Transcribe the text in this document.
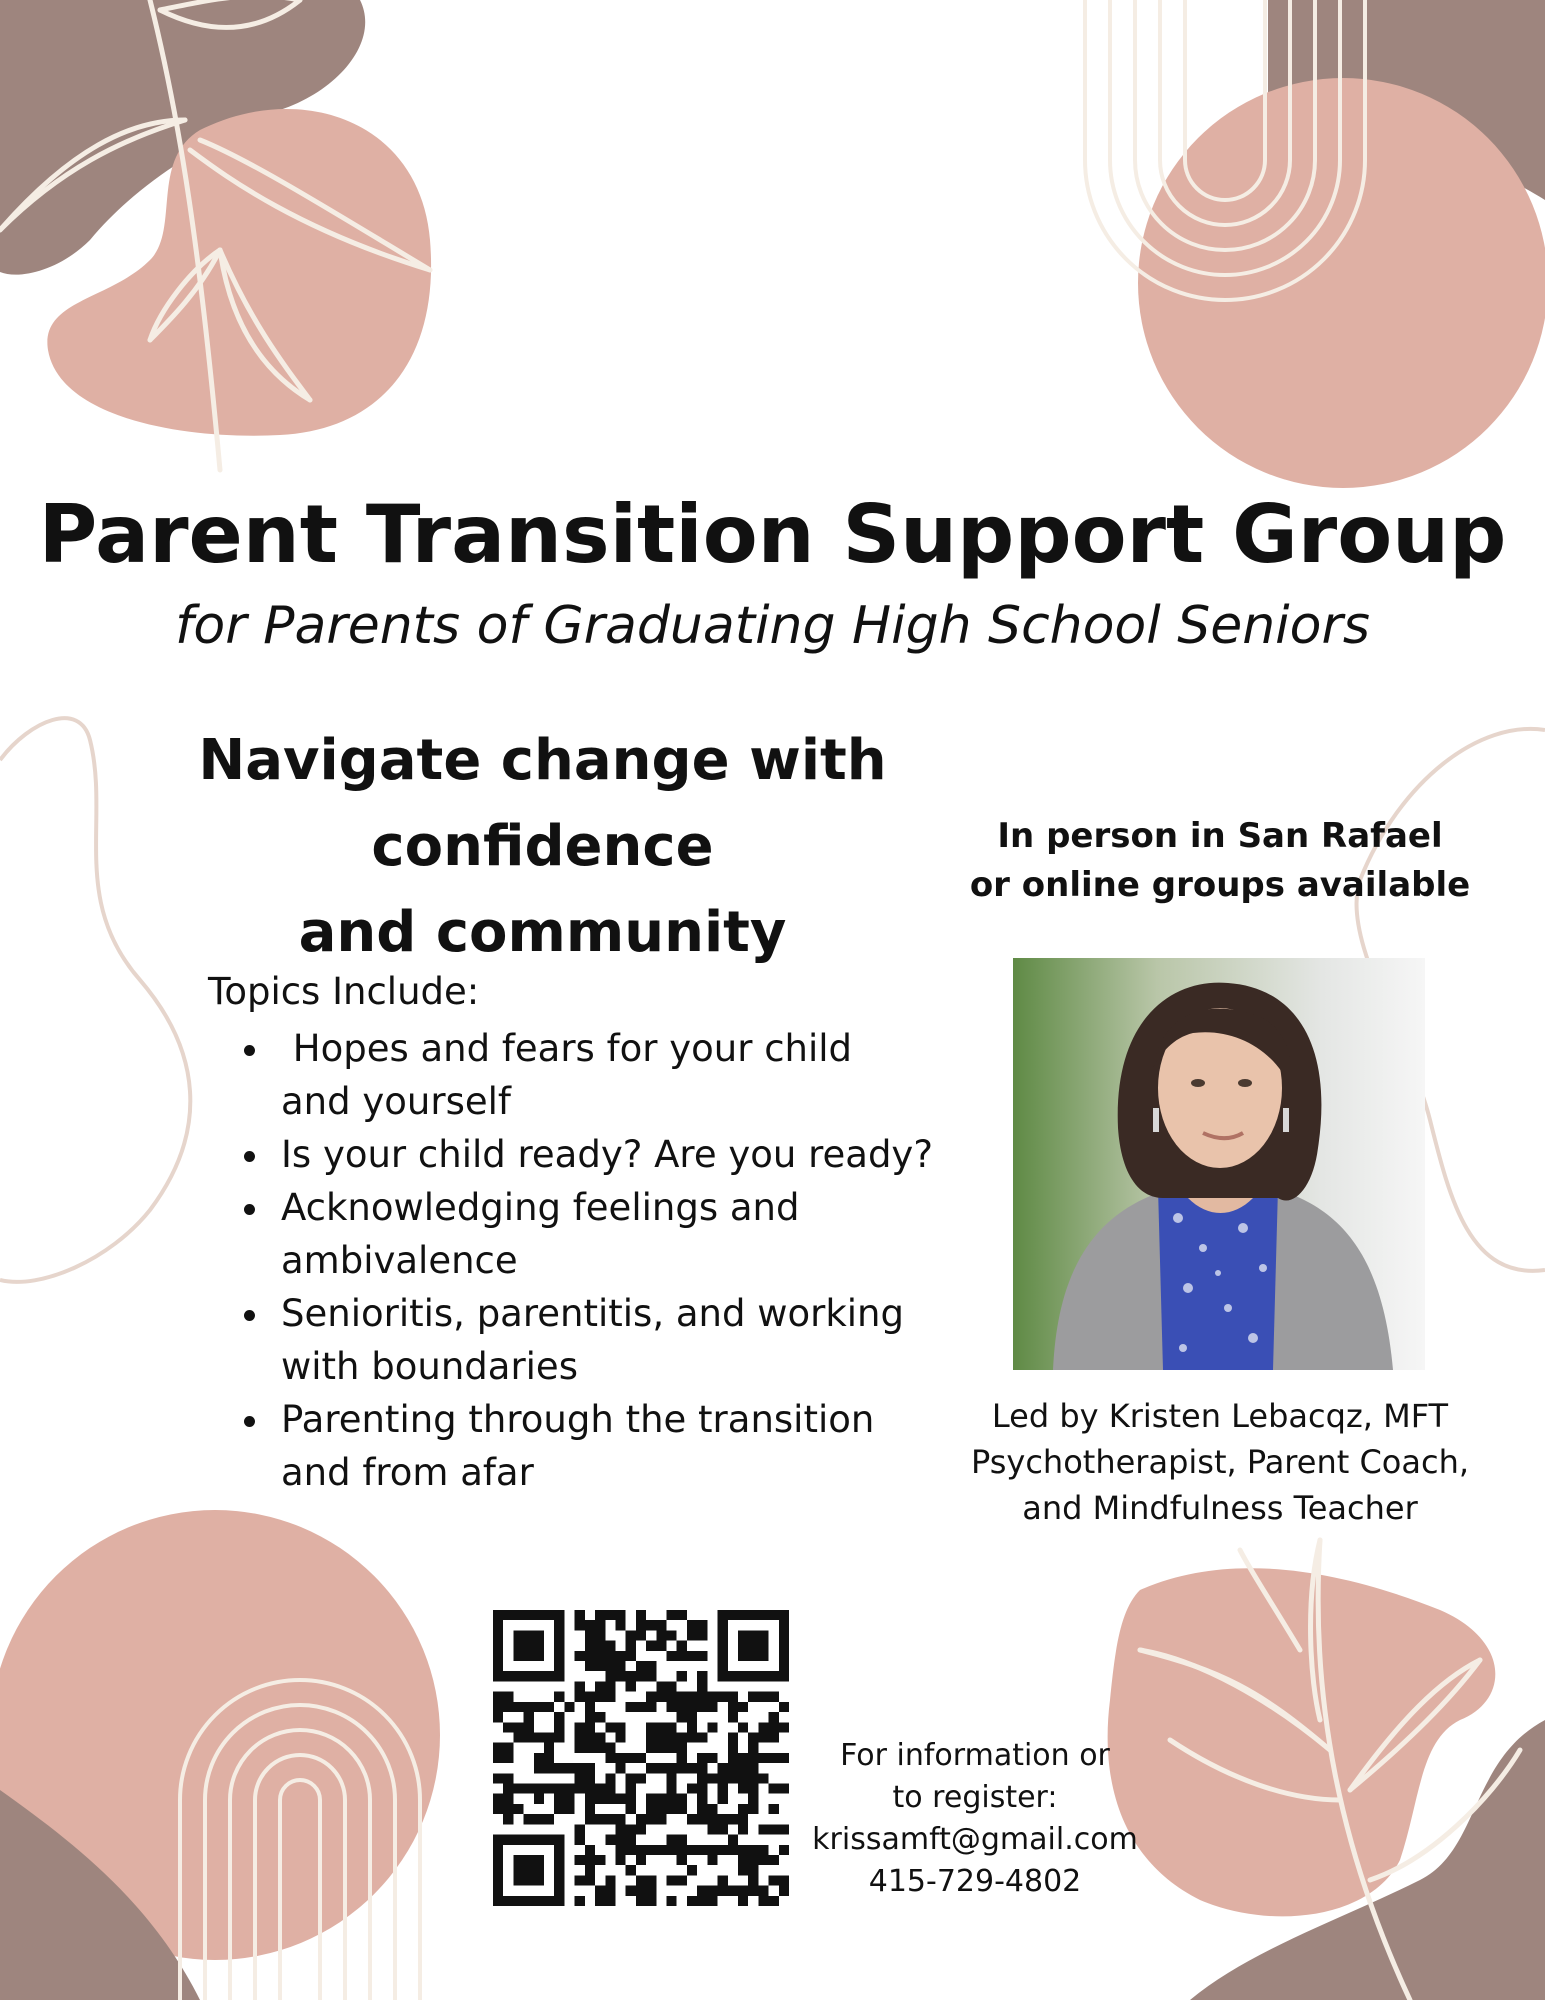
Parent Transition Support Group
for Parents of Graduating High School Seniors
Navigate change with
confidence
and community
Topics Include:
•  Hopes and fears for your child and yourself
• Is your child ready? Are you ready?
• Acknowledging feelings and ambivalence
• Senioritis, parentitis, and working with boundaries
• Parenting through the transition and from afar
In person in San Rafael
or online groups available
Led by Kristen Lebacqz, MFT
Psychotherapist, Parent Coach,
and Mindfulness Teacher
For information or
to register:
krissamft@gmail.com
415-729-4802
